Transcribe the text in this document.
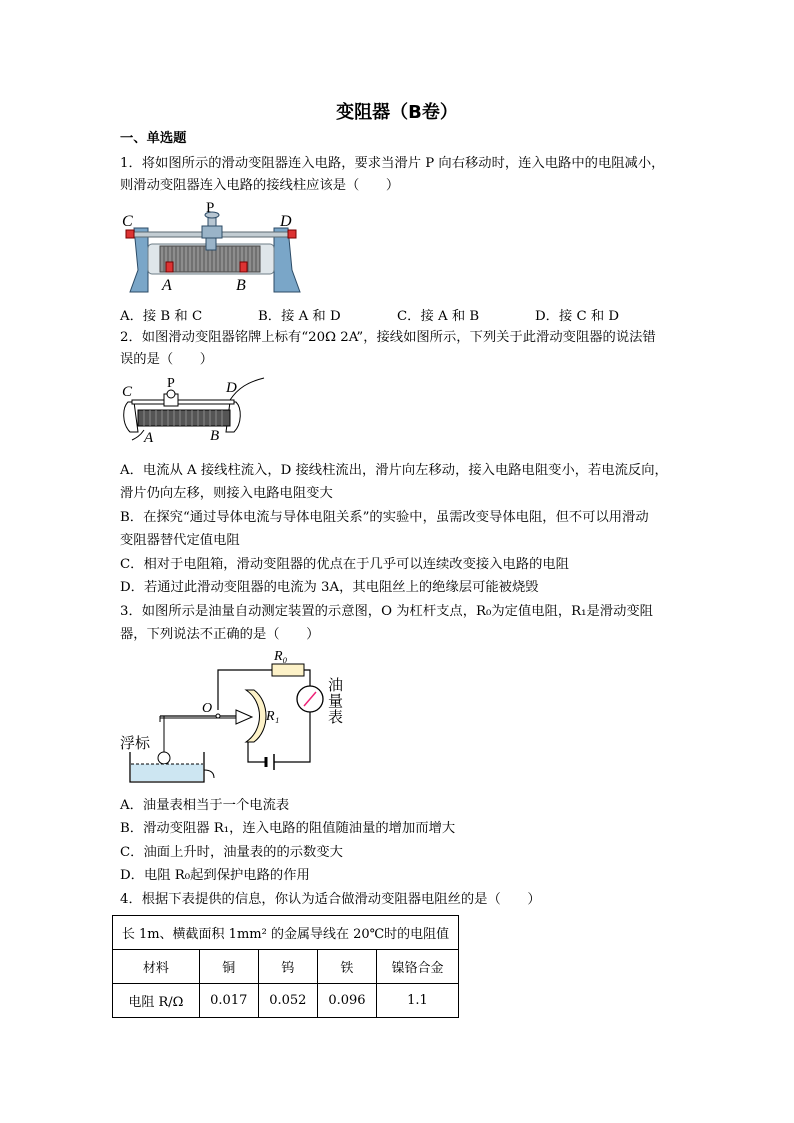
变阻器（B卷）
一、单选题
1．将如图所示的滑动变阻器连入电路，要求当滑片 P 向右移动时，连入电路中的电阻减小，
则滑动变阻器连入电路的接线柱应该是（　　）
C
P
D
A	B
A．接 B 和 C	B．接 A 和 D	C．接 A 和 B	D．接 C 和 D
2．如图滑动变阻器铭牌上标有“20Ω 2A”，接线如图所示，下列关于此滑动变阻器的说法错
误的是（　　）
C
P	D
A	B
A．电流从 A 接线柱流入，D 接线柱流出，滑片向左移动，接入电路电阻变小，若电流反向，
滑片仍向左移，则接入电路电阻变大
B．在探究“通过导体电流与导体电阻关系”的实验中，虽需改变导体电阻，但不可以用滑动
变阻器替代定值电阻
C．相对于电阻箱，滑动变阻器的优点在于几乎可以连续改变接入电路的电阻
D．若通过此滑动变阻器的电流为 3A，其电阻丝上的绝缘层可能被烧毁
3．如图所示是油量自动测定装置的示意图，O 为杠杆支点，R₀为定值电阻，R₁是滑动变阻
器，下列说法不正确的是（　　）
R₀
R₁
O
浮标
油
量
表
A．油量表相当于一个电流表
B．滑动变阻器 R₁，连入电路的阻值随油量的增加而增大
C．油面上升时，油量表的的示数变大
D．电阻 R₀起到保护电路的作用
4．根据下表提供的信息，你认为适合做滑动变阻器电阻丝的是（　　）
长 1m、横截面积 1mm² 的金属导线在 20℃时的电阻值				
材料	铜	钨	铁	镍铬合金
电阻 R/Ω	0.017	0.052	0.096	1.1
